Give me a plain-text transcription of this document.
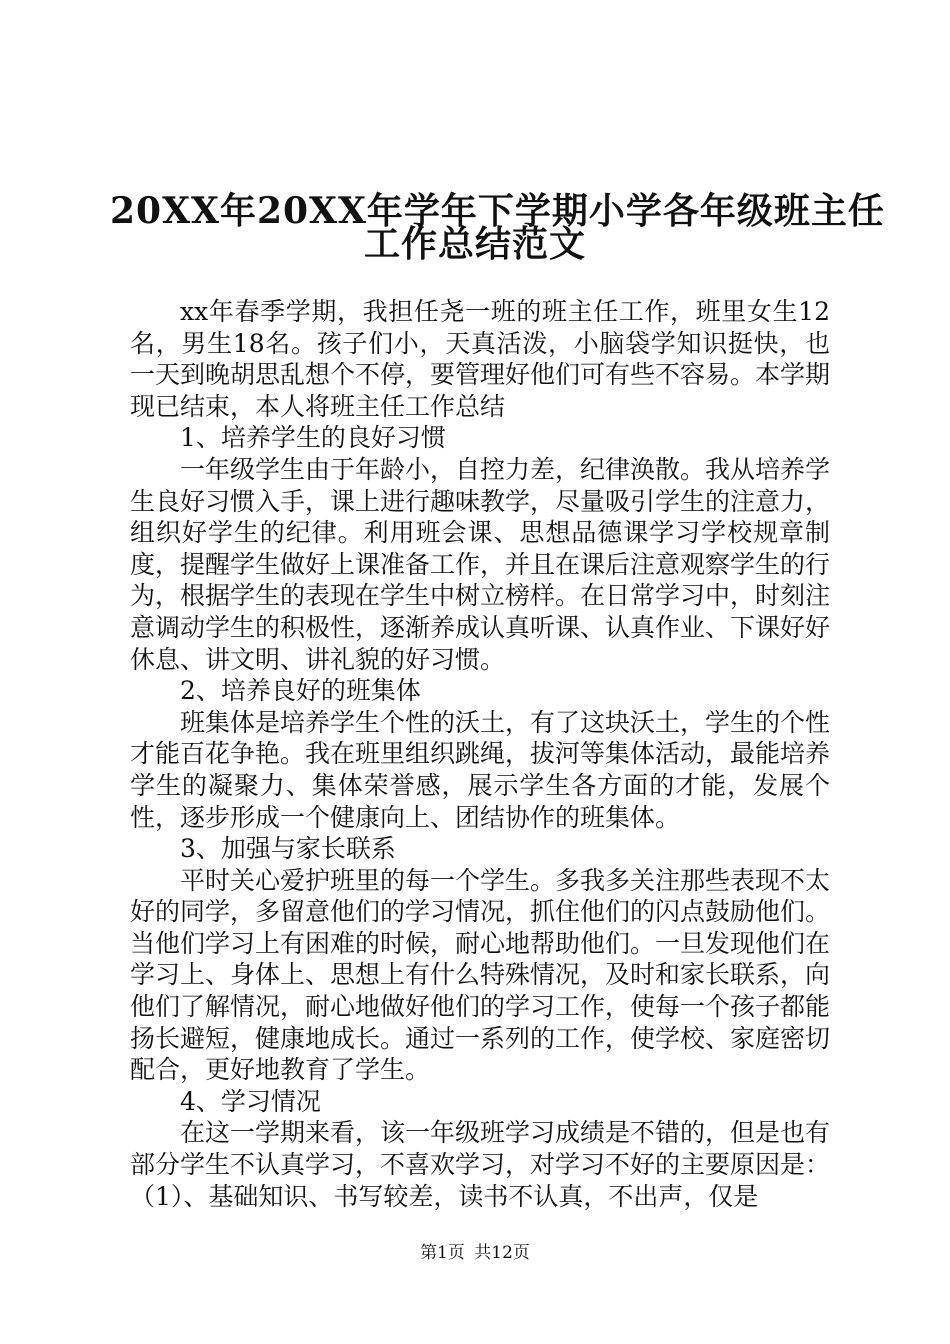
20XX年20XX年学年下学期小学各年级班主任
工作总结范文

xx年春季学期，我担任尧一班的班主任工作，班里女生12名，男生18名。孩子们小，天真活泼，小脑袋学知识挺快，也一天到晚胡思乱想个不停，要管理好他们可有些不容易。本学期现已结束，本人将班主任工作总结

1、培养学生的良好习惯

一年级学生由于年龄小，自控力差，纪律涣散。我从培养学生良好习惯入手，课上进行趣味教学，尽量吸引学生的注意力，组织好学生的纪律。利用班会课、思想品德课学习学校规章制度，提醒学生做好上课准备工作，并且在课后注意观察学生的行为，根据学生的表现在学生中树立榜样。在日常学习中，时刻注意调动学生的积极性，逐渐养成认真听课、认真作业、下课好好休息、讲文明、讲礼貌的好习惯。

2、培养良好的班集体

班集体是培养学生个性的沃土，有了这块沃土，学生的个性才能百花争艳。我在班里组织跳绳，拔河等集体活动，最能培养学生的凝聚力、集体荣誉感，展示学生各方面的才能，发展个性，逐步形成一个健康向上、团结协作的班集体。

3、加强与家长联系

平时关心爱护班里的每一个学生。多我多关注那些表现不太好的同学，多留意他们的学习情况，抓住他们的闪点鼓励他们。当他们学习上有困难的时候，耐心地帮助他们。一旦发现他们在学习上、身体上、思想上有什么特殊情况，及时和家长联系，向他们了解情况，耐心地做好他们的学习工作，使每一个孩子都能扬长避短，健康地成长。通过一系列的工作，使学校、家庭密切配合，更好地教育了学生。

4、学习情况

在这一学期来看，该一年级班学习成绩是不错的，但是也有部分学生不认真学习，不喜欢学习，对学习不好的主要原因是：（1）、基础知识、书写较差，读书不认真，不出声，仅是

第1页 共12页
